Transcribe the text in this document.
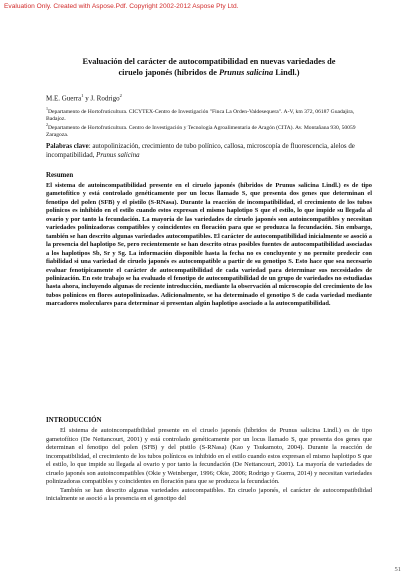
Evaluation Only. Created with Aspose.Pdf. Copyright 2002-2012 Aspose Pty Ltd.
Evaluación del carácter de autocompatibilidad en nuevas variedades de
ciruelo japonés (híbridos de Prunus salicina Lindl.)
M.E. Guerra$^1$ y J. Rodrigo$^2$
$^1$Departamento de Hortofruticultura. CICYTEX-Centro de Investigación "Finca La Orden-Valdesequera". A-V, km 372, 06187 Guadajira, Badajoz.
$^2$Departamento de Hortofruticultura. Centro de Investigación y Tecnología Agroalimentaria de Aragón (CITA). Av. Montañana 930, 50059 Zaragoza.
Palabras clave: autopolinización, crecimiento de tubo polínico, callosa, microscopía de fluorescencia, alelos de incompatibilidad, Prunus salicina
Resumen

El sistema de autoincompatibilidad presente en el ciruelo japonés (híbridos de Prunus salicina Lindl.) es de tipo gametofítico y está controlado genéticamente por un locus llamado S, que presenta dos genes que determinan el fenotipo del polen (SFB) y el pistilo (S-RNasa). Durante la reacción de incompatibilidad, el crecimiento de los tubos polínicos es inhibido en el estilo cuando estos expresan el mismo haplotipo S que el estilo, lo que impide su llegada al ovario y por tanto la fecundación. La mayoría de las variedades de ciruelo japonés son autoincompatibles y necesitan variedades polinizadoras compatibles y coincidentes en floración para que se produzca la fecundación. Sin embargo, también se han descrito algunas variedades autocompatibles. El carácter de autocompatibilidad inicialmente se asoció a la presencia del haplotipo Se, pero recientemente se han descrito otras posibles fuentes de autocompatibilidad asociadas a los haplotipos Sb, Sr y Sg. La información disponible hasta la fecha no es concluyente y no permite predecir con fiabilidad si una variedad de ciruelo japonés es autocompatible a partir de su genotipo S. Esto hace que sea necesario evaluar fenotípicamente el carácter de autocompatibilidad de cada variedad para determinar sus necesidades de polinización. En este trabajo se ha evaluado el fenotipo de autocompatibilidad de un grupo de variedades no estudiadas hasta ahora, incluyendo algunas de reciente introducción, mediante la observación al microscopio del crecimiento de los tubos polínicos en flores autopolinizadas. Adicionalmente, se ha determinado el genotipo S de cada variedad mediante marcadores moleculares para determinar si presentan algún haplotipo asociado a la autocompatibilidad.

INTRODUCCIÓN

El sistema de autoincompatibilidad presente en el ciruelo japonés (híbridos de Prunus salicina Lindl.) es de tipo gametofítico (De Nettancourt, 2001) y está controlado genéticamente por un locus llamado S, que presenta dos genes que determinan el fenotipo del polen (SFB) y del pistilo (S-RNasa) (Kao y Tsukamoto, 2004). Durante la reacción de incompatibilidad, el crecimiento de los tubos polínicos es inhibido en el estilo cuando estos expresan el mismo haplotipo S que el estilo, lo que impide su llegada al ovario y por tanto la fecundación (De Nettancourt, 2001). La mayoría de variedades de ciruelo japonés son autoincompatibles (Okie y Weinberger, 1996; Okie, 2006; Rodrigo y Guerra, 2014) y necesitan variedades polinizadoras compatibles y coincidentes en floración para que se produzca la fecundación.

También se han descrito algunas variedades autocompatibles. En ciruelo japonés, el carácter de autocompatibilidad inicialmente se asoció a la presencia en el genotipo del

51
